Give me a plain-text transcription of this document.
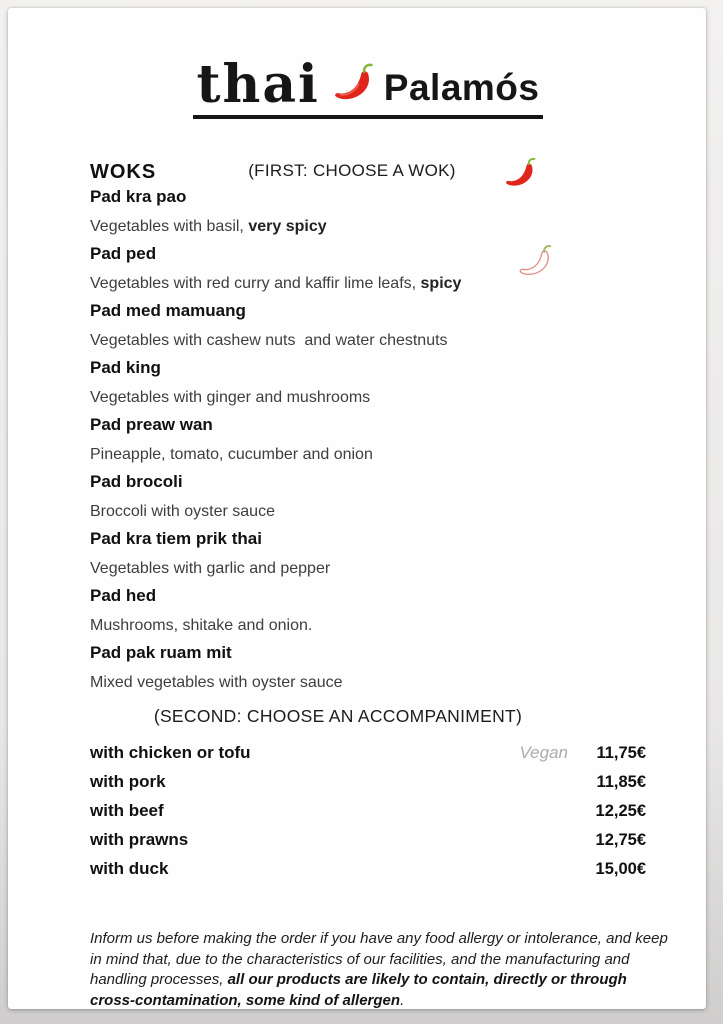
thai Palamós
WOKS	(FIRST: CHOOSE A WOK)

Pad kra pao

Vegetables with basil, very spicy

Pad ped

Vegetables with red curry and kaffir lime leafs, spicy

Pad med mamuang

Vegetables with cashew nuts  and water chestnuts

Pad king

Vegetables with ginger and mushrooms

Pad preaw wan

Pineapple, tomato, cucumber and onion

Pad brocoli

Broccoli with oyster sauce

Pad kra tiem prik thai

Vegetables with garlic and pepper

Pad hed

Mushrooms, shitake and onion.

Pad pak ruam mit

Mixed vegetables with oyster sauce

(SECOND: CHOOSE AN ACCOMPANIMENT)
with chicken or tofu	Vegan	11,75€
with pork	11,85€
with beef	12,25€
with prawns	12,75€
with duck	15,00€
Inform us before making the order if you have any food allergy or intolerance, and keep in mind that, due to the characteristics of our facilities, and the manufacturing and handling processes, all our products are likely to contain, directly or through cross-contamination, some kind of allergen.
